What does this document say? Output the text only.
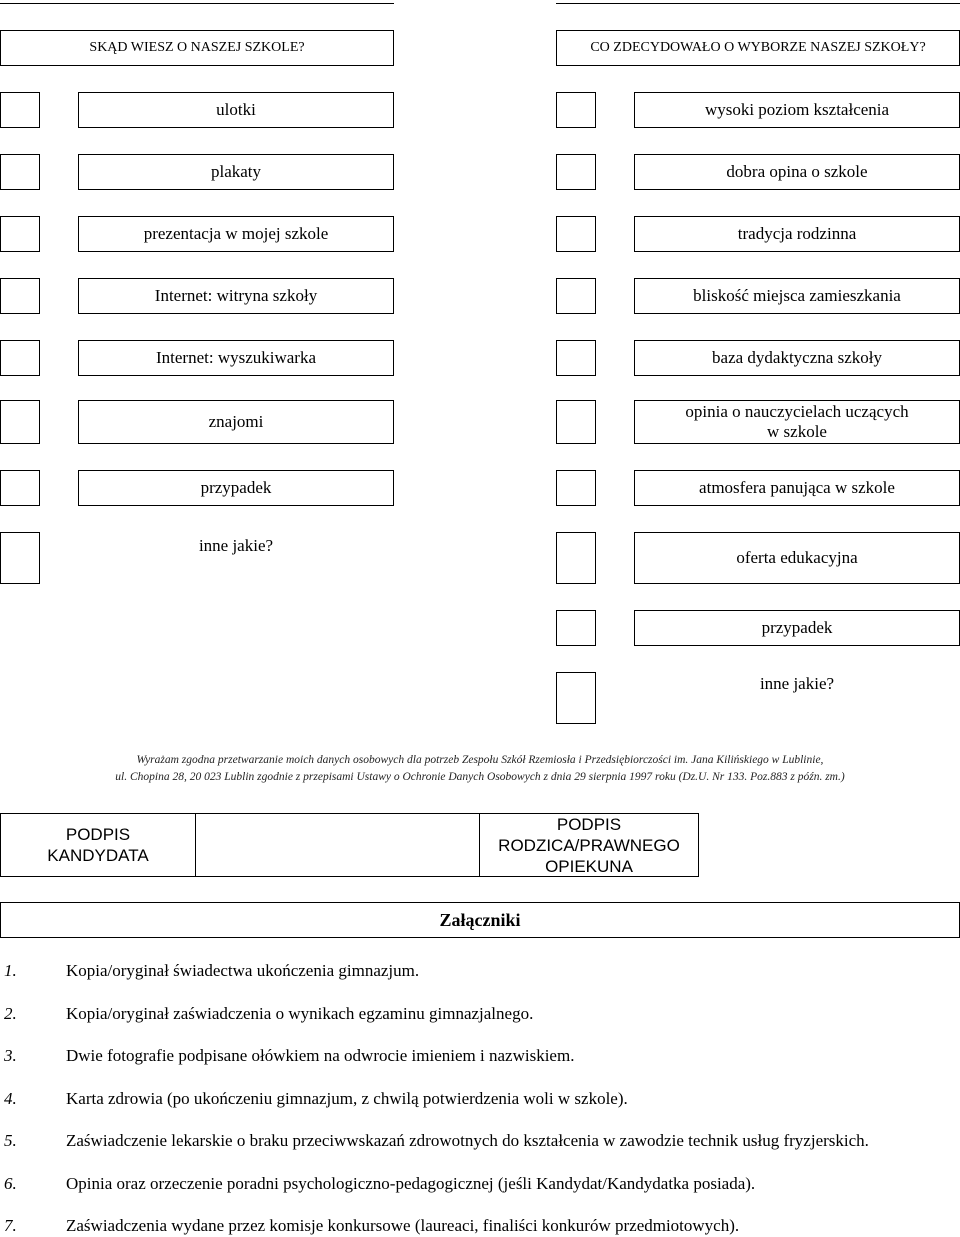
SKĄD WIESZ O NASZEJ SZKOLE?	CO ZDECYDOWAŁO O WYBORZE NASZEJ SZKOŁY?
ulotki
plakaty
prezentacja w mojej szkole
Internet: witryna szkoły
Internet: wyszukiwarka
znajomi
przypadek
inne jakie?
wysoki poziom kształcenia
dobra opina o szkole
tradycja rodzinna
bliskość miejsca zamieszkania
baza dydaktyczna szkoły
opinia o nauczycielach uczących
w szkole
atmosfera panująca w szkole
oferta edukacyjna
przypadek
inne jakie?
Wyrażam zgodna przetwarzanie moich danych osobowych dla potrzeb Zespołu Szkół Rzemiosła i Przedsiębiorczości im. Jana Kilińskiego w Lublinie,
ul. Chopina 28, 20 023 Lublin zgodnie z przepisami Ustawy o Ochronie Danych Osobowych z dnia 29 sierpnia 1997 roku (Dz.U. Nr 133. Poz.883 z późn. zm.)
PODPIS
KANDYDATA
PODPIS
RODZICA/PRAWNEGO
OPIEKUNA
Załączniki
1.	Kopia/oryginał świadectwa ukończenia gimnazjum.
2.	Kopia/oryginał zaświadczenia o wynikach egzaminu gimnazjalnego.
3.	Dwie fotografie podpisane ołówkiem na odwrocie imieniem i nazwiskiem.
4.	Karta zdrowia (po ukończeniu gimnazjum, z chwilą potwierdzenia woli w szkole).
5.	Zaświadczenie lekarskie o braku przeciwwskazań zdrowotnych do kształcenia w zawodzie technik usług fryzjerskich.
6.	Opinia oraz orzeczenie poradni psychologiczno-pedagogicznej (jeśli Kandydat/Kandydatka posiada).
7.	Zaświadczenia wydane przez komisje konkursowe (laureaci, finaliści konkurów przedmiotowych).
